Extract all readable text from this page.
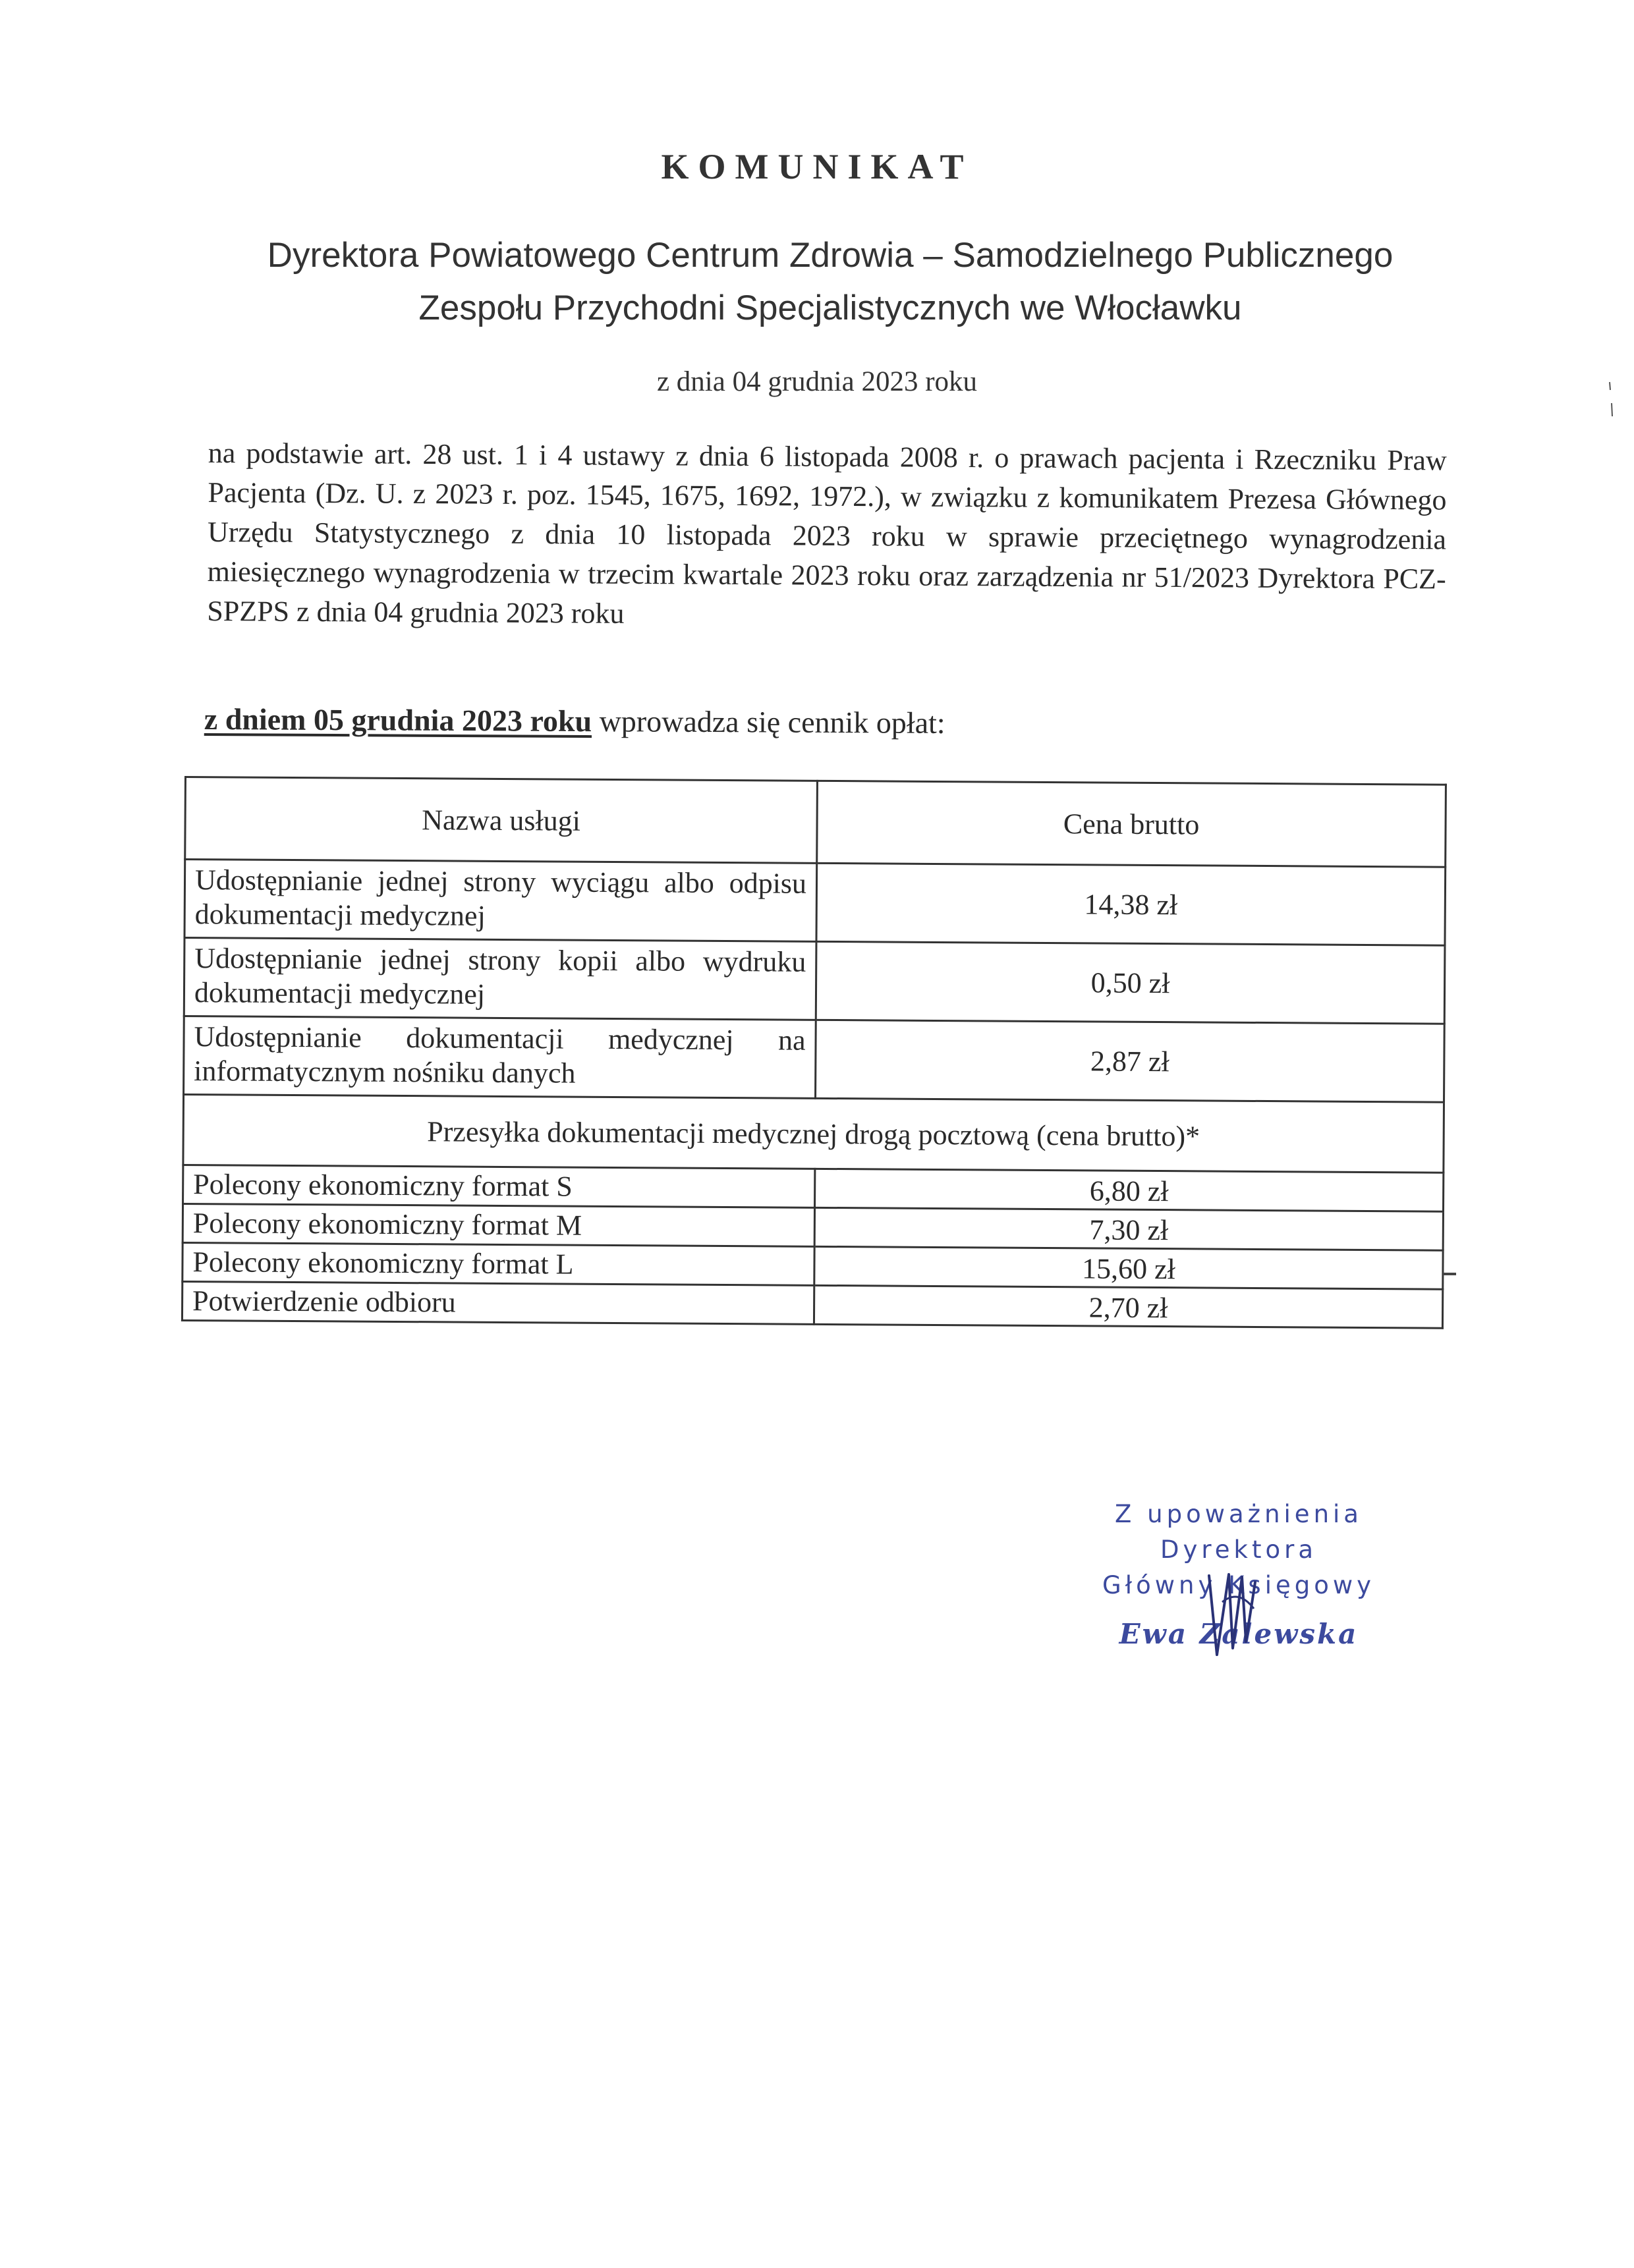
KOMUNIKAT
Dyrektora Powiatowego Centrum Zdrowia – Samodzielnego Publicznego
Zespołu Przychodni Specjalistycznych we Włocławku
z dnia 04 grudnia 2023 roku
na podstawie art. 28 ust. 1 i 4 ustawy z dnia 6 listopada 2008 r. o prawach pacjenta i Rzeczniku Praw Pacjenta (Dz. U. z 2023 r. poz. 1545, 1675, 1692, 1972.), w związku z komunikatem Prezesa Głównego Urzędu Statystycznego z dnia 10 listopada 2023 roku w sprawie przeciętnego wynagrodzenia miesięcznego wynagrodzenia w trzecim kwartale 2023 roku oraz zarządzenia nr 51/2023 Dyrektora PCZ-SPZPS z dnia 04 grudnia 2023 roku
z dniem 05 grudnia 2023 roku wprowadza się cennik opłat:
Nazwa usługi	Cena brutto
Udostępnianie jednej strony wyciągu albo odpisu dokumentacji medycznej	14,38 zł
Udostępnianie jednej strony kopii albo wydruku dokumentacji medycznej	0,50 zł
Udostępnianie dokumentacji medycznej na informatycznym nośniku danych	2,87 zł
Przesyłka dokumentacji medycznej drogą pocztową (cena brutto)*	
Polecony ekonomiczny format S	6,80 zł
Polecony ekonomiczny format M	7,30 zł
Polecony ekonomiczny format L	15,60 zł
Potwierdzenie odbioru	2,70 zł
Z upoważnienia
Dyrektora
Główny Księgowy
Ewa Zalewska
